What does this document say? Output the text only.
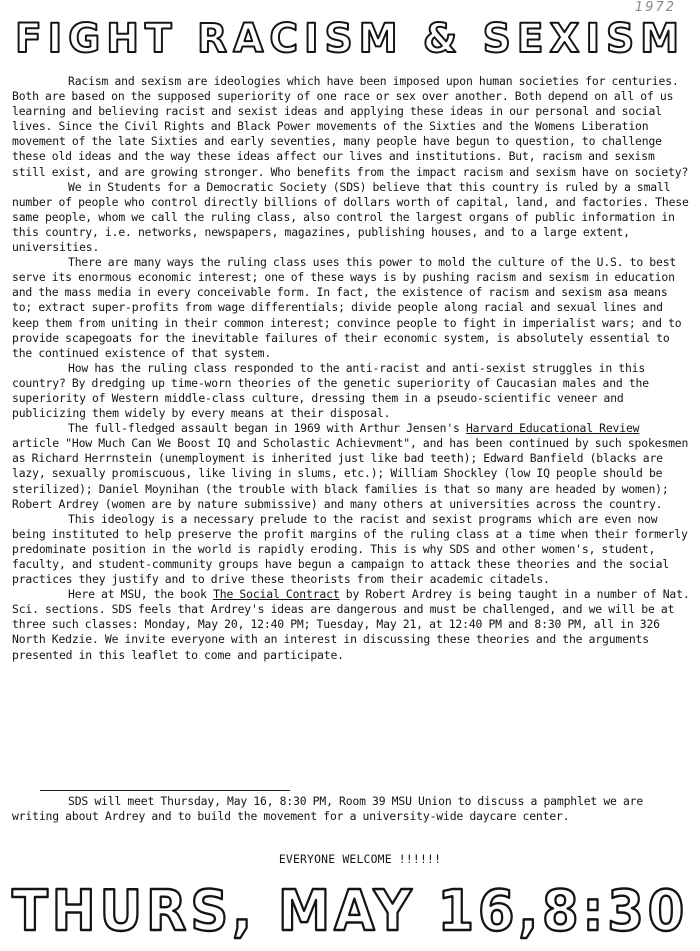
1972
FIGHT RACISM & SEXISM

Racism and sexism are ideologies which have been imposed upon human societies for centuries. Both are based on the supposed superiority of one race or sex over another. Both depend on all of us learning and believing racist and sexist ideas and applying these ideas in our personal and social lives. Since the Civil Rights and Black Power movements of the Sixties and the Womens Liberation movement of the late Sixties and early seventies, many people have begun to question, to challenge these old ideas and the way these ideas affect our lives and institutions. But, racism and sexism still exist, and are growing stronger. Who benefits from the impact racism and sexism have on society?

We in Students for a Democratic Society (SDS) believe that this country is ruled by a small number of people who control directly billions of dollars worth of capital, land, and factories. These same people, whom we call the ruling class, also control the largest organs of public information in this country, i.e. networks, newspapers, magazines, publishing houses, and to a large extent, universities.

There are many ways the ruling class uses this power to mold the culture of the U.S. to best serve its enormous economic interest; one of these ways is by pushing racism and sexism in education and the mass media in every conceivable form. In fact, the existence of racism and sexism asa means to; extract super-profits from wage differentials; divide people along racial and sexual lines and keep them from uniting in their common interest; convince people to fight in imperialist wars; and to provide scapegoats for the inevitable failures of their economic system, is absolutely essential to the continued existence of that system.

How has the ruling class responded to the anti-racist and anti-sexist struggles in this country? By dredging up time-worn theories of the genetic superiority of Caucasian males and the superiority of Western middle-class culture, dressing them in a pseudo-scientific veneer and publicizing them widely by every means at their disposal.

The full-fledged assault began in 1969 with Arthur Jensen's Harvard Educational Review article "How Much Can We Boost IQ and Scholastic Achievment", and has been continued by such spokesmen as Richard Herrnstein (unemployment is inherited just like bad teeth); Edward Banfield (blacks are lazy, sexually promiscuous, like living in slums, etc.); William Shockley (low IQ people should be sterilized); Daniel Moynihan (the trouble with black families is that so many are headed by women); Robert Ardrey (women are by nature submissive) and many others at universities across the country.

This ideology is a necessary prelude to the racist and sexist programs which are even now being instituted to help preserve the profit margins of the ruling class at a time when their formerly predominate position in the world is rapidly eroding. This is why SDS and other women's, student, faculty, and student-community groups have begun a campaign to attack these theories and the social practices they justify and to drive these theorists from their academic citadels.

Here at MSU, the book The Social Contract by Robert Ardrey is being taught in a number of Nat. Sci. sections. SDS feels that Ardrey's ideas are dangerous and must be challenged, and we will be at three such classes: Monday, May 20, 12:40 PM; Tuesday, May 21, at 12:40 PM and 8:30 PM, all in 326 North Kedzie. We invite everyone with an interest in discussing these theories and the arguments presented in this leaflet to come and participate.

SDS will meet Thursday, May 16, 8:30 PM, Room 39 MSU Union to discuss a pamphlet we are writing about Ardrey and to build the movement for a university-wide daycare center.

EVERYONE WELCOME !!!!!!
THURS, MAY 16,8:30
